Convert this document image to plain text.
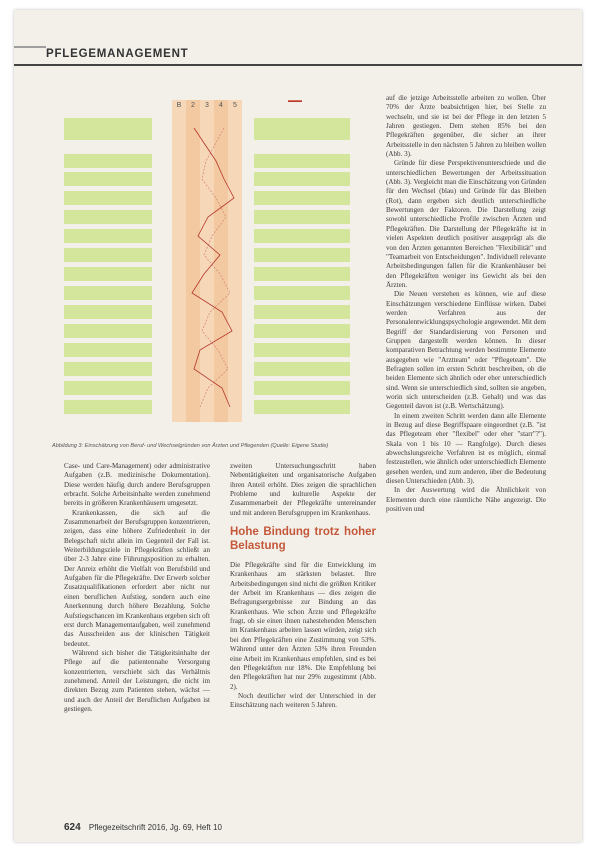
PFLEGEMANAGEMENT
B	2	3	4	5
Abbildung 3: Einschätzung von Beruf- und Wechselgründen von Ärzten und Pflegenden (Quelle: Eigene Studie)

Case- und Care-Management) oder administrative Aufgaben (z.B. medizinische Dokumentation). Diese werden häufig durch andere Berufsgruppen erbracht. Solche Arbeitsinhalte werden zunehmend bereits in größeren Krankenhäusern umgesetzt.

Krankenkassen, die sich auf die Zusammenarbeit der Berufsgruppen konzentrieren, zeigen, dass eine höhere Zufriedenheit in der Belegschaft nicht allein im Gegenteil der Fall ist. Weiterbildungsziele in Pflegekräften schließt an über 2-3 Jahre eine Führungsposition zu erhalten. Der Anreiz erhöht die Vielfalt von Berufsbild und Aufgaben für die Pflegekräfte. Der Erwerb solcher Zusatzqualifikationen erfordert aber nicht nur einen beruflichen Aufstieg, sondern auch eine Anerkennung durch höhere Bezahlung. Solche Aufstiegschancen im Krankenhaus ergeben sich oft erst durch Managementaufgaben, weil zunehmend das Ausscheiden aus der klinischen Tätigkeit bedeutet.

Während sich bisher die Tätigkeitsinhalte der Pflege auf die patientennahe Versorgung konzentrierten, verschiebt sich das Verhältnis zunehmend. Anteil der Leistungen, die nicht im direkten Bezug zum Patienten stehen, wächst — und auch der Anteil der Beruflichen Aufgaben ist gestiegen.

zweiten Untersuchungsschritt haben Nebentätigkeiten und organisatorische Aufgaben ihren Anteil erhöht. Dies zeigen die sprachlichen Probleme und kulturelle Aspekte der Zusammenarbeit der Pflegekräfte untereinander und mit anderen Berufsgruppen im Krankenhaus.

Hohe Bindung trotz hoher Belastung

Die Pflegekräfte sind für die Entwicklung im Krankenhaus am stärksten belastet. Ihre Arbeitsbedingungen sind nicht die größten Kritiker der Arbeit im Krankenhaus — dies zeigen die Befragungsergebnisse zur Bindung an das Krankenhaus. Wie schon Ärzte und Pflegekräfte fragt, ob sie einen ihnen nahestehenden Menschen im Krankenhaus arbeiten lassen würden, zeigt sich bei den Pflegekräften eine Zustimmung von 53%. Während unter den Ärzten 53% ihren Freunden eine Arbeit im Krankenhaus empfehlen, sind es bei den Pflegekräften nur 18%. Die Empfehlung bei den Pflegekräften hat nur 29% zugestimmt (Abb. 2).

Noch deutlicher wird der Unterschied in der Einschätzung nach weiteren 5 Jahren.

auf die jetzige Arbeitsstelle arbeiten zu wollen. Über 70% der Ärzte beabsichtigen hier, bei Stelle zu wechseln, und sie ist bei der Pflege in den letzten 5 Jahren gestiegen. Dem stehen 85% bei den Pflegekräften gegenüber, die sicher an ihrer Arbeitsstelle in den nächsten 5 Jahren zu bleiben wollen (Abb. 3).

Gründe für diese Perspektivenunterschiede und die unterschiedlichen Bewertungen der Arbeitssituation (Abb. 3). Vergleicht man die Einschätzung von Gründen für den Wechsel (blau) und Gründe für das Bleiben (Rot), dann ergeben sich deutlich unterschiedliche Bewertungen der Faktoren. Die Darstellung zeigt sowohl unterschiedliche Profile zwischen Ärzten und Pflegekräften. Die Darstellung der Pflegekräfte ist in vielen Aspekten deutlich positiver ausgeprägt als die von den Ärzten genannten Bereichen "Flexibilität" und "Teamarbeit von Entscheidungen". Individuell relevante Arbeitsbedingungen fallen für die Krankenhäuser bei den Pflegekräften weniger ins Gewicht als bei den Ärzten.

Die Neuen verstehen es können, wie auf diese Einschätzungen verschiedene Einflüsse wirken. Dabei werden Verfahren aus der Personalentwicklungspsychologie angewendet. Mit dem Begriff der Standardisierung von Personen und Gruppen dargestellt werden können. In dieser komparativen Betrachtung werden bestimmte Elemente ausgegeben wie "Arztteam" oder "Pflegeteam". Die Befragten sollen im ersten Schritt beschreiben, ob die beiden Elemente sich ähnlich oder eher unterschiedlich sind. Wenn sie unterschiedlich sind, sollten sie angeben, worin sich unterscheiden (z.B. Gehalt) und was das Gegenteil davon ist (z.B. Wertschätzung).

In einem zweiten Schritt werden dann alle Elemente in Bezug auf diese Begriffspaare eingeordnet (z.B. "ist das Pflegeteam eher "flexibel" oder eher "starr"?"). Skala von 1 bis 10 — Rangfolge). Durch dieses abwechslungsreiche Verfahren ist es möglich, einmal festzustellen, wie ähnlich oder unterschiedlich Elemente gesehen werden, und zum anderen, über die Bedeutung diesen Unterschieden (Abb. 3).

In der Auswertung wird die Ähnlichkeit von Elementen durch eine räumliche Nähe angezeigt. Die positiven und

624 Pflegezeitschrift 2016, Jg. 69, Heft 10
